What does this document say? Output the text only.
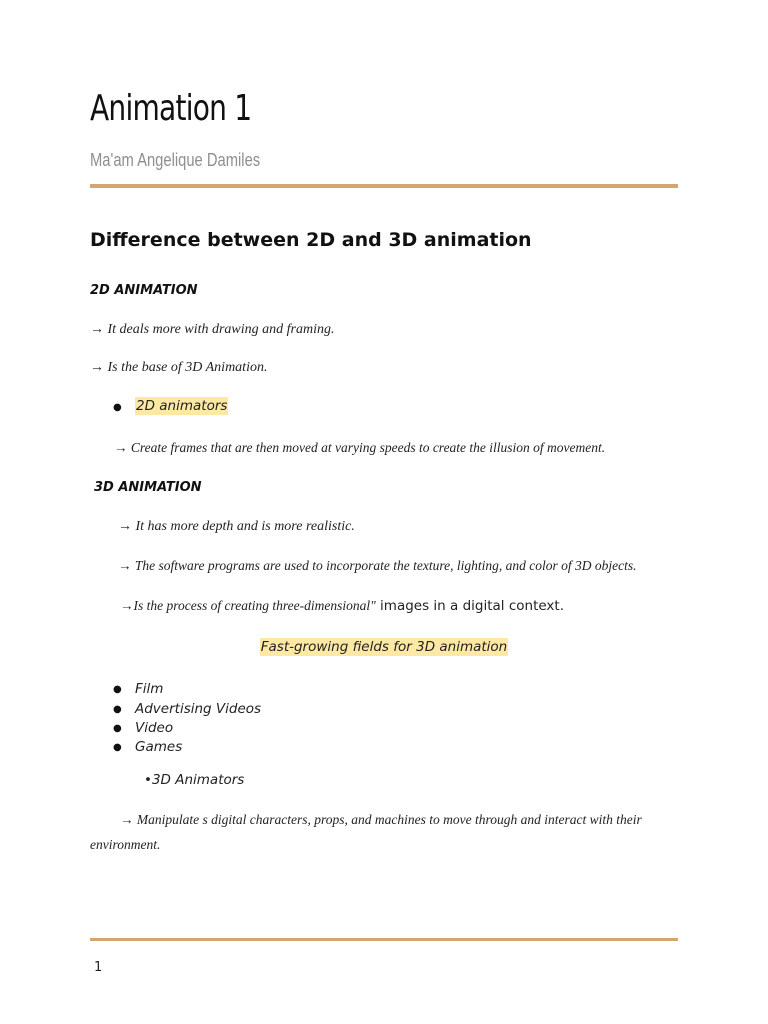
Animation 1
Ma'am Angelique Damiles
Difference between 2D and 3D animation
2D ANIMATION
→ It deals more with drawing and framing.
→ Is the base of 3D Animation.
● 2D animators
→ Create frames that are then moved at varying speeds to create the illusion of movement.
3D ANIMATION
→ It has more depth and is more realistic.
→ The software programs are used to incorporate the texture, lighting, and color of 3D objects.
→Is the process of creating three-dimensional" images in a digital context.
Fast-growing fields for 3D animation
● Film
● Advertising Videos
● Video
● Games
•3D Animators
→ Manipulate s digital characters, props, and machines to move through and interact with their
environment.
1
